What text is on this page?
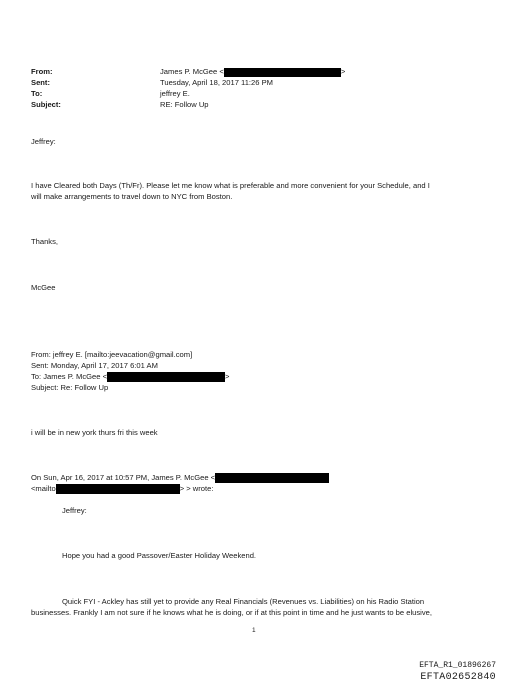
From:	James P. McGee <	>
Sent:	Tuesday, April 18, 2017 11:26 PM
To:	jeffrey E.
Subject:	RE: Follow Up
Jeffrey:
I have Cleared both Days (Th/Fr). Please let me know what is preferable and more convenient for your Schedule, and I
will make arrangements to travel down to NYC from Boston.
Thanks,
McGee
From: jeffrey E. [mailto:jeevacation@gmail.com]
Sent: Monday, April 17, 2017 6:01 AM
To: James P. McGee <	>
Subject: Re: Follow Up
i will be in new york thurs fri this week
On Sun, Apr 16, 2017 at 10:57 PM, James P. McGee <
<mailto	> > wrote:
Jeffrey:
Hope you had a good Passover/Easter Holiday Weekend.
Quick FYI - Ackley has still yet to provide any Real Financials (Revenues vs. Liabilities) on his Radio Station
businesses. Frankly I am not sure if he knows what he is doing, or if at this point in time and he just wants to be elusive,
1
EFTA_R1_01896267
EFTA02652840
